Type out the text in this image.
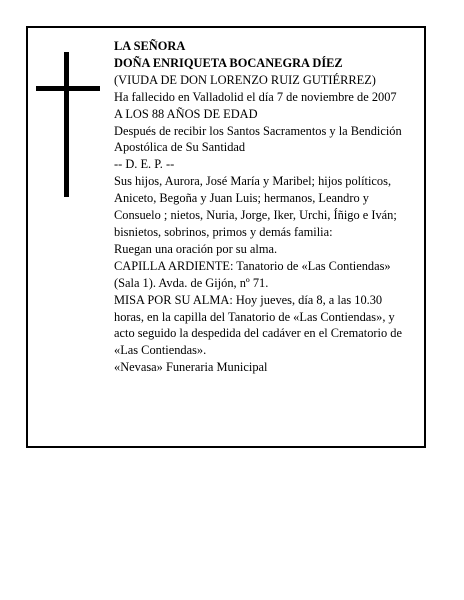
LA SEÑORA

DOÑA ENRIQUETA BOCANEGRA DÍEZ

(VIUDA DE DON LORENZO RUIZ GUTIÉRREZ)

Ha fallecido en Valladolid el día 7 de noviembre de 2007

A LOS 88 AÑOS DE EDAD

Después de recibir los Santos Sacramentos y la Bendición Apostólica de Su Santidad

-- D. E. P. --

Sus hijos, Aurora, José María y Maribel; hijos políticos, Aniceto, Begoña y Juan Luis; hermanos, Leandro y Consuelo ; nietos, Nuria, Jorge, Iker, Urchi, Íñigo e Iván; bisnietos, sobrinos, primos y demás familia:

Ruegan una oración por su alma.

CAPILLA ARDIENTE: Tanatorio de «Las Contiendas» (Sala 1). Avda. de Gijón, nº 71.

MISA POR SU ALMA: Hoy jueves, día 8, a las 10.30 horas, en la capilla del Tanatorio de «Las Contiendas», y acto seguido la despedida del cadáver en el Crematorio de «Las Contiendas».

«Nevasa» Funeraria Municipal
